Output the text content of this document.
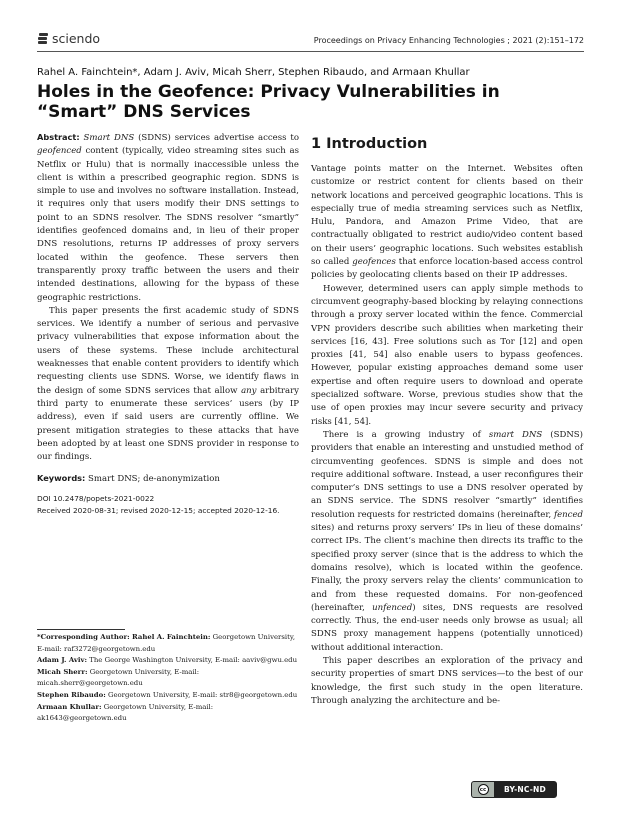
sciendo	Proceedings on Privacy Enhancing Technologies ; 2021 (2):151–172
Rahel A. Fainchtein*, Adam J. Aviv, Micah Sherr, Stephen Ribaudo, and Armaan Khullar
Holes in the Geofence: Privacy Vulnerabilities in “Smart” DNS Services

Abstract: Smart DNS (SDNS) services advertise access to geofenced content (typically, video streaming sites such as Netflix or Hulu) that is normally inaccessible unless the client is within a prescribed geographic region. SDNS is simple to use and involves no software installation. Instead, it requires only that users modify their DNS settings to point to an SDNS resolver. The SDNS resolver “smartly” identifies geofenced domains and, in lieu of their proper DNS resolutions, returns IP addresses of proxy servers located within the geofence. These servers then transparently proxy traffic between the users and their intended destinations, allowing for the bypass of these geographic restrictions.

This paper presents the first academic study of SDNS services. We identify a number of serious and pervasive privacy vulnerabilities that expose information about the users of these systems. These include architectural weaknesses that enable content providers to identify which requesting clients use SDNS. Worse, we identify flaws in the design of some SDNS services that allow any arbitrary third party to enumerate these services’ users (by IP address), even if said users are currently offline. We present mitigation strategies to these attacks that have been adopted by at least one SDNS provider in response to our findings.

Keywords: Smart DNS; de-anonymization

DOI 10.2478/popets-2021-0022

Received 2020-08-31; revised 2020-12-15; accepted 2020-12-16.

*Corresponding Author: Rahel A. Fainchtein: Georgetown University, E-mail: raf3272@georgetown.edu
Adam J. Aviv: The George Washington University, E-mail: aaviv@gwu.edu
Micah Sherr: Georgetown University, E-mail: micah.sherr@georgetown.edu
Stephen Ribaudo: Georgetown University, E-mail: str8@georgetown.edu
Armaan Khullar: Georgetown University, E-mail: ak1643@georgetown.edu
1 Introduction

Vantage points matter on the Internet. Websites often customize or restrict content for clients based on their network locations and perceived geographic locations. This is especially true of media streaming services such as Netflix, Hulu, Pandora, and Amazon Prime Video, that are contractually obligated to restrict audio/video content based on their users’ geographic locations. Such websites establish so called geofences that enforce location-based access control policies by geolocating clients based on their IP addresses.

However, determined users can apply simple methods to circumvent geography-based blocking by relaying connections through a proxy server located within the fence. Commercial VPN providers describe such abilities when marketing their services [16, 43]. Free solutions such as Tor [12] and open proxies [41, 54] also enable users to bypass geofences. However, popular existing approaches demand some user expertise and often require users to download and operate specialized software. Worse, previous studies show that the use of open proxies may incur severe security and privacy risks [41, 54].

There is a growing industry of smart DNS (SDNS) providers that enable an interesting and unstudied method of circumventing geofences. SDNS is simple and does not require additional software. Instead, a user reconfigures their computer’s DNS settings to use a DNS resolver operated by an SDNS service. The SDNS resolver “smartly” identifies resolution requests for restricted domains (hereinafter, fenced sites) and returns proxy servers’ IPs in lieu of these domains’ correct IPs. The client’s machine then directs its traffic to the specified proxy server (since that is the address to which the domains resolve), which is located within the geofence. Finally, the proxy servers relay the clients’ communication to and from these requested domains. For non-geofenced (hereinafter, unfenced) sites, DNS requests are resolved correctly. Thus, the end-user needs only browse as usual; all SDNS proxy management happens (potentially unnoticed) without additional interaction.

This paper describes an exploration of the privacy and security properties of smart DNS services—to the best of our knowledge, the first such study in the open literature. Through analyzing the architecture and be-

cc	BY-NC-ND
